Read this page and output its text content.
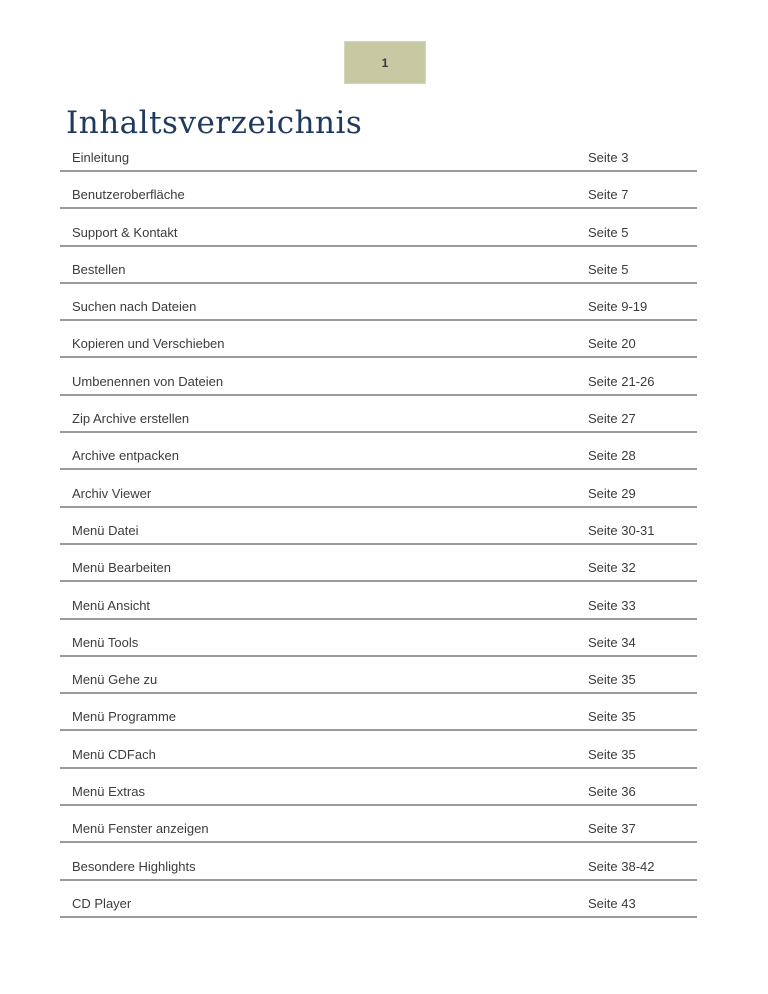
1
Inhaltsverzeichnis
Einleitung	Seite 3
Benutzeroberfläche	Seite 7
Support & Kontakt	Seite 5
Bestellen	Seite 5
Suchen nach Dateien	Seite 9-19
Kopieren und Verschieben	Seite 20
Umbenennen von Dateien	Seite 21-26
Zip Archive erstellen	Seite 27
Archive entpacken	Seite 28
Archiv Viewer	Seite 29
Menü Datei	Seite 30-31
Menü Bearbeiten	Seite 32
Menü Ansicht	Seite 33
Menü Tools	Seite 34
Menü Gehe zu	Seite 35
Menü Programme	Seite 35
Menü CDFach	Seite 35
Menü Extras	Seite 36
Menü Fenster anzeigen	Seite 37
Besondere Highlights	Seite 38-42
CD Player	Seite 43
